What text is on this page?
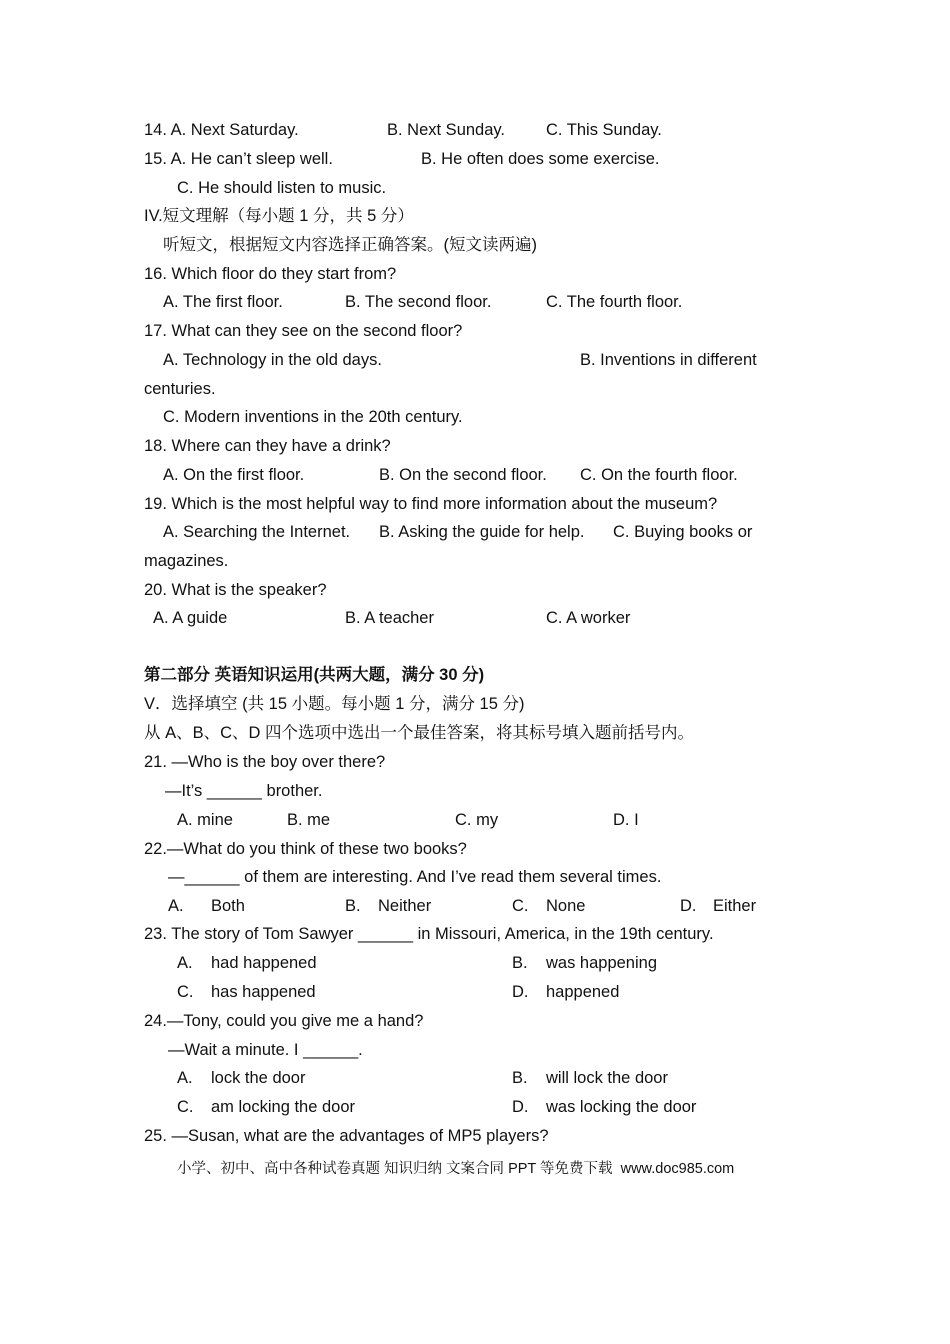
14. A. Next Saturday.	B. Next Sunday. C. This Sunday.
15. A. He can’t sleep well.	B. He often does some exercise.
C. He should listen to music.
IV.短文理解（每小题 1 分，共 5 分）
听短文，根据短文内容选择正确答案。(短文读两遍)
16. Which floor do they start from?
A. The first floor.	B. The second floor.	C. The fourth floor.
17. What can they see on the second floor?
A. Technology in the old days.	B. Inventions in different
centuries.
C. Modern inventions in the 20th century.
18. Where can they have a drink?
A. On the first floor.	B. On the second floor. C. On the fourth floor.
19. Which is the most helpful way to find more information about the museum?
A. Searching the Internet. B. Asking the guide for help. C. Buying books or
magazines.
20. What is the speaker?
A. A guide	B. A teacher	C. A worker
第二部分 英语知识运用(共两大题，满分 30 分)
V．选择填空 (共 15 小题。每小题 1 分，满分 15 分)
从 A、B、C、D 四个选项中选出一个最佳答案，将其标号填入题前括号内。
21. —Who is the boy over there?
—It’s ______ brother.
A. mine	B. me	C. my	D. I
22.—What do you think of these two books?
—______ of them are interesting. And I’ve read them several times.
A. Both	B. Neither	C. None	D. Either
23. The story of Tom Sawyer ______ in Missouri, America, in the 19th century.
A. had happened	B. was happening
C. has happened	D. happened
24.—Tony, could you give me a hand?
—Wait a minute. I ______.
A. lock the door	B. will lock the door
C. am locking the door	D. was locking the door
25. —Susan, what are the advantages of MP5 players?
小学、初中、高中各种试卷真题 知识归纳 文案合同 PPT 等免费下载  www.doc985.com
